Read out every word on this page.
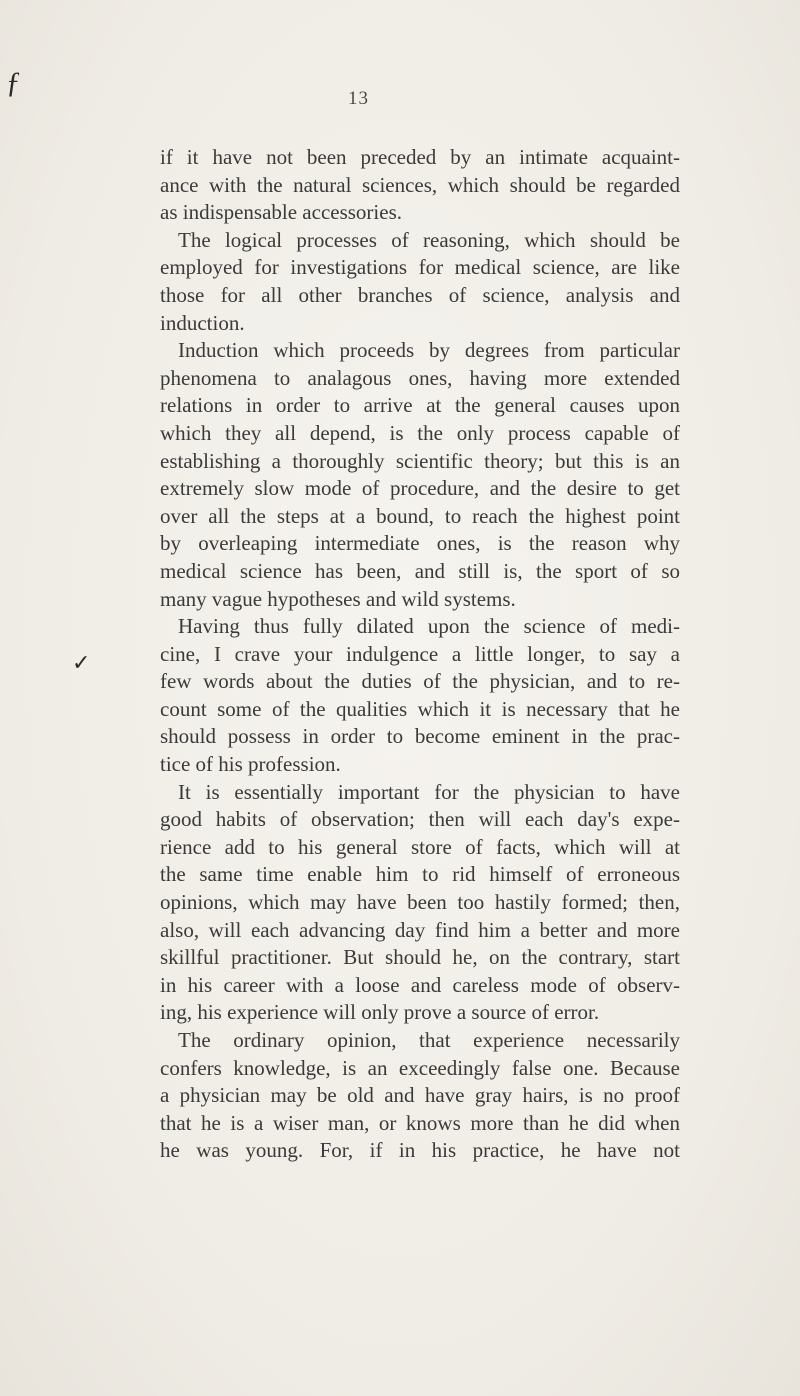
ƒ	13
✓
if it have not been preceded by an intimate acquaint-
ance with the natural sciences, which should be regarded
as indispensable accessories.
The logical processes of reasoning, which should be
employed for investigations for medical science, are like
those for all other branches of science, analysis and
induction.
Induction which proceeds by degrees from particular
phenomena to analagous ones, having more extended
relations in order to arrive at the general causes upon
which they all depend, is the only process capable of
establishing a thoroughly scientific theory; but this is an
extremely slow mode of procedure, and the desire to get
over all the steps at a bound, to reach the highest point
by overleaping intermediate ones, is the reason why
medical science has been, and still is, the sport of so
many vague hypotheses and wild systems.
Having thus fully dilated upon the science of medi-
cine, I crave your indulgence a little longer, to say a
few words about the duties of the physician, and to re-
count some of the qualities which it is necessary that he
should possess in order to become eminent in the prac-
tice of his profession.
It is essentially important for the physician to have
good habits of observation; then will each day's expe-
rience add to his general store of facts, which will at
the same time enable him to rid himself of erroneous
opinions, which may have been too hastily formed; then,
also, will each advancing day find him a better and more
skillful practitioner. But should he, on the contrary, start
in his career with a loose and careless mode of observ-
ing, his experience will only prove a source of error.
The ordinary opinion, that experience necessarily
confers knowledge, is an exceedingly false one. Because
a physician may be old and have gray hairs, is no proof
that he is a wiser man, or knows more than he did when
he was young. For, if in his practice, he have not
